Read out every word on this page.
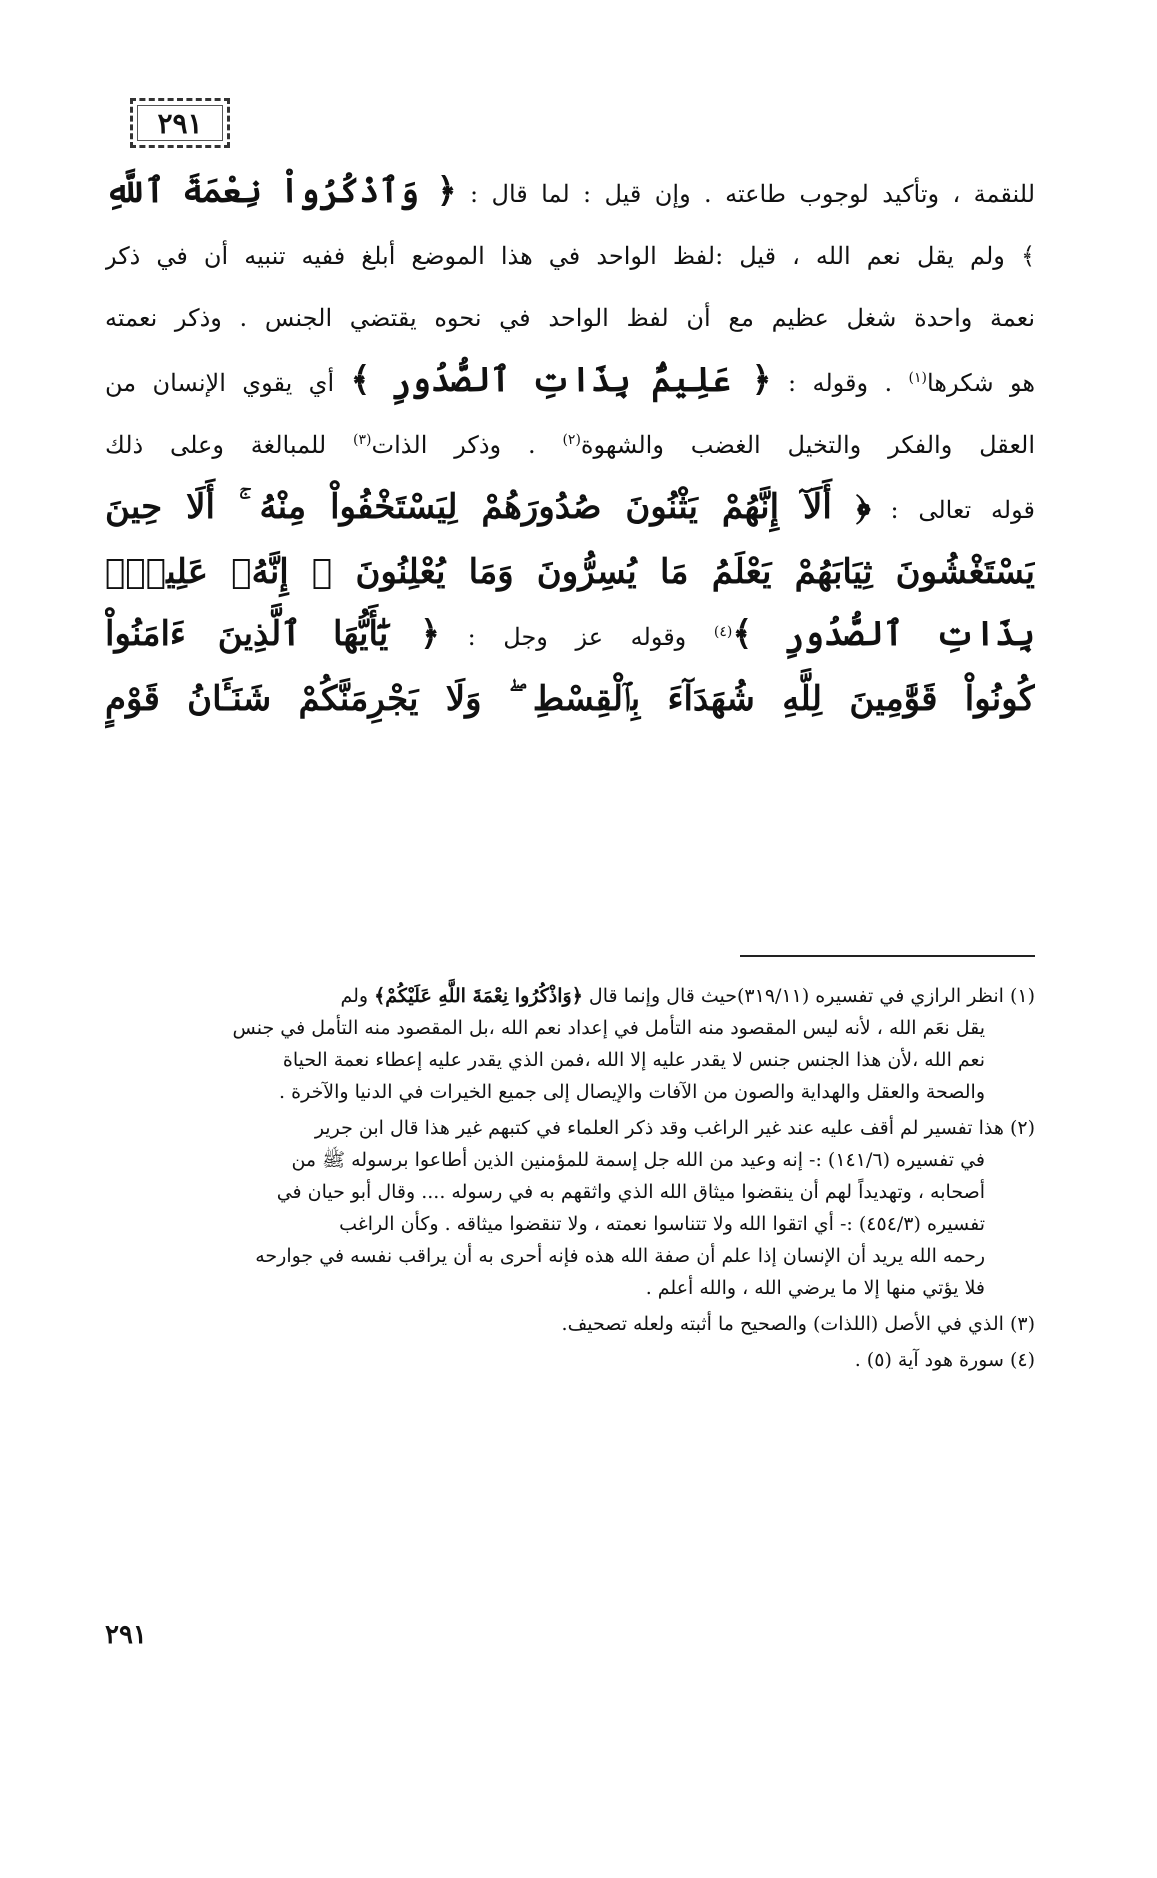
٢٩١
للنقمة ، وتأكيد لوجوب طاعته . وإن قيل : لما قال : ﴿ وَٱذْكُرُواْ نِعْمَةَ ٱللَّهِ
﴾ ولم يقل نعم الله ، قيل :لفظ الواحد في هذا الموضع أبلغ ففيه تنبيه أن في ذكر
نعمة واحدة شغل عظيم مع أن لفظ الواحد في نحوه يقتضي الجنس . وذكر نعمته
هو شكرها$^{(١)}$ . وقوله : ﴿ عَلِيمٌۢ بِذَاتِ ٱلصُّدُورِ ﴾ أي يقوي الإنسان من
العقل والفكر والتخيل الغضب والشهوة$^{(٢)}$ . وذكر الذات$^{(٣)}$ للمبالغة وعلى ذلك
قوله تعالى : ﴿ أَلَآ إِنَّهُمْ يَثْنُونَ صُدُورَهُمْ لِيَسْتَخْفُواْ مِنْهُ ۚ أَلَا حِينَ
يَسْتَغْشُونَ ثِيَابَهُمْ يَعْلَمُ مَا يُسِرُّونَ وَمَا يُعْلِنُونَ ۚ إِنَّهُۥ عَلِيمٌۢ
بِذَاتِ ٱلصُّدُورِ ﴾$^{(٤)}$ وقوله عز وجل : ﴿ يَٰٓأَيُّهَا ٱلَّذِينَ ءَامَنُواْ
كُونُواْ قَوَّٰمِينَ لِلَّهِ شُهَدَآءَ بِٱلْقِسْطِ ۖ وَلَا يَجْرِمَنَّكُمْ شَنَـَٔانُ قَوْمٍ
(١) انظر الرازي في تفسيره (٣١٩/١١)حيث قال وإنما قال ﴿وَاذْكُرُوا نِعْمَةَ اللَّهِ عَلَيْكُمْ﴾ ولم
يقل نعَم الله ، لأنه ليس المقصود منه التأمل في إعداد نعم الله ،بل المقصود منه التأمل في جنس
نعم الله ،لأن هذا الجنس جنس لا يقدر عليه إلا الله ،فمن الذي يقدر عليه إعطاء نعمة الحياة
والصحة والعقل والهداية والصون من الآفات والإيصال إلى جميع الخيرات في الدنيا والآخرة .
(٢) هذا تفسير لم أقف عليه عند غير الراغب وقد ذكر العلماء في كتبهم غير هذا قال ابن جرير
في تفسيره (١٤١/٦) :- إنه وعيد من الله جل إسمة للمؤمنين الذين أطاعوا برسوله ﷺ من
أصحابه ، وتهديداً لهم أن ينقضوا ميثاق الله الذي واثقهم به في رسوله .... وقال أبو حيان في
تفسيره (٤٥٤/٣) :- أي اتقوا الله ولا تتناسوا نعمته ، ولا تنقضوا ميثاقه . وكأن الراغب
رحمه الله يريد أن الإنسان إذا علم أن صفة الله هذه فإنه أحرى به أن يراقب نفسه في جوارحه
فلا يؤتي منها إلا ما يرضي الله ، والله أعلم .
(٣) الذي في الأصل (اللذات) والصحيح ما أثبته ولعله تصحيف.
(٤) سورة هود آية (٥) .
٢٩١
